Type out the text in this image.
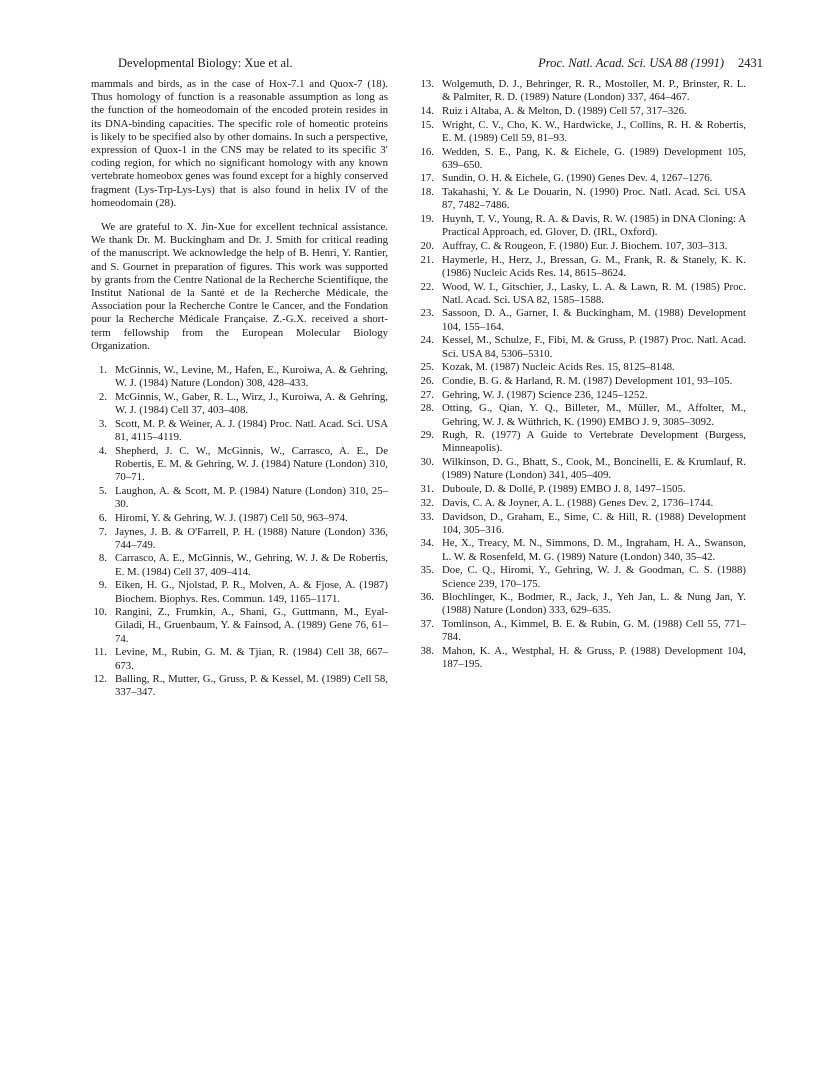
Developmental Biology: Xue et al.	Proc. Natl. Acad. Sci. USA 88 (1991) 2431

mammals and birds, as in the case of Hox-7.1 and Quox-7 (18). Thus homology of function is a reasonable assumption as long as the function of the homeodomain of the encoded protein resides in its DNA-binding capacities. The specific role of homeotic proteins is likely to be specified also by other domains. In such a perspective, expression of Quox-1 in the CNS may be related to its specific 3′ coding region, for which no significant homology with any known vertebrate homeobox genes was found except for a highly conserved fragment (Lys-Trp-Lys-Lys) that is also found in helix IV of the homeodomain (28).

We are grateful to X. Jin-Xue for excellent technical assistance. We thank Dr. M. Buckingham and Dr. J. Smith for critical reading of the manuscript. We acknowledge the help of B. Henri, Y. Rantier, and S. Gournet in preparation of figures. This work was supported by grants from the Centre National de la Recherche Scientifique, the Institut National de la Santé et de la Recherche Médicale, the Association pour la Recherche Contre le Cancer, and the Fondation pour la Recherche Médicale Française. Z.-G.X. received a short-term fellowship from the European Molecular Biology Organization.

1. McGinnis, W., Levine, M., Hafen, E., Kuroiwa, A. & Gehring, W. J. (1984) Nature (London) 308, 428–433.
2. McGinnis, W., Gaber, R. L., Wirz, J., Kuroiwa, A. & Gehring, W. J. (1984) Cell 37, 403–408.
3. Scott, M. P. & Weiner, A. J. (1984) Proc. Natl. Acad. Sci. USA 81, 4115–4119.
4. Shepherd, J. C. W., McGinnis, W., Carrasco, A. E., De Robertis, E. M. & Gehring, W. J. (1984) Nature (London) 310, 70–71.
5. Laughon, A. & Scott, M. P. (1984) Nature (London) 310, 25–30.
6. Hiromi, Y. & Gehring, W. J. (1987) Cell 50, 963–974.
7. Jaynes, J. B. & O'Farrell, P. H. (1988) Nature (London) 336, 744–749.
8. Carrasco, A. E., McGinnis, W., Gehring, W. J. & De Robertis, E. M. (1984) Cell 37, 409–414.
9. Eiken, H. G., Njolstad, P. R., Molven, A. & Fjose, A. (1987) Biochem. Biophys. Res. Commun. 149, 1165–1171.
10. Rangini, Z., Frumkin, A., Shani, G., Guttmann, M., Eyal-Giladi, H., Gruenbaum, Y. & Fainsod, A. (1989) Gene 76, 61–74.
11. Levine, M., Rubin, G. M. & Tjian, R. (1984) Cell 38, 667–673.
12. Balling, R., Mutter, G., Gruss, P. & Kessel, M. (1989) Cell 58, 337–347.
13. Wolgemuth, D. J., Behringer, R. R., Mostoller, M. P., Brinster, R. L. & Palmiter, R. D. (1989) Nature (London) 337, 464–467.
14. Ruiz i Altaba, A. & Melton, D. (1989) Cell 57, 317–326.
15. Wright, C. V., Cho, K. W., Hardwicke, J., Collins, R. H. & Robertis, E. M. (1989) Cell 59, 81–93.
16. Wedden, S. E., Pang, K. & Eichele, G. (1989) Development 105, 639–650.
17. Sundin, O. H. & Eichele, G. (1990) Genes Dev. 4, 1267–1276.
18. Takahashi, Y. & Le Douarin, N. (1990) Proc. Natl. Acad. Sci. USA 87, 7482–7486.
19. Huynh, T. V., Young, R. A. & Davis, R. W. (1985) in DNA Cloning: A Practical Approach, ed. Glover, D. (IRL, Oxford).
20. Auffray, C. & Rougeon, F. (1980) Eur. J. Biochem. 107, 303–313.
21. Haymerle, H., Herz, J., Bressan, G. M., Frank, R. & Stanely, K. K. (1986) Nucleic Acids Res. 14, 8615–8624.
22. Wood, W. I., Gitschier, J., Lasky, L. A. & Lawn, R. M. (1985) Proc. Natl. Acad. Sci. USA 82, 1585–1588.
23. Sassoon, D. A., Garner, I. & Buckingham, M. (1988) Development 104, 155–164.
24. Kessel, M., Schulze, F., Fibi, M. & Gruss, P. (1987) Proc. Natl. Acad. Sci. USA 84, 5306–5310.
25. Kozak, M. (1987) Nucleic Acids Res. 15, 8125–8148.
26. Condie, B. G. & Harland, R. M. (1987) Development 101, 93–105.
27. Gehring, W. J. (1987) Science 236, 1245–1252.
28. Otting, G., Qian, Y. Q., Billeter, M., Müller, M., Affolter, M., Gehring, W. J. & Wüthrich, K. (1990) EMBO J. 9, 3085–3092.
29. Rugh, R. (1977) A Guide to Vertebrate Development (Burgess, Minneapolis).
30. Wilkinson, D. G., Bhatt, S., Cook, M., Boncinelli, E. & Krumlauf, R. (1989) Nature (London) 341, 405–409.
31. Duboule, D. & Dollé, P. (1989) EMBO J. 8, 1497–1505.
32. Davis, C. A. & Joyner, A. L. (1988) Genes Dev. 2, 1736–1744.
33. Davidson, D., Graham, E., Sime, C. & Hill, R. (1988) Development 104, 305–316.
34. He, X., Treacy, M. N., Simmons, D. M., Ingraham, H. A., Swanson, L. W. & Rosenfeld, M. G. (1989) Nature (London) 340, 35–42.
35. Doe, C. Q., Hiromi, Y., Gehring, W. J. & Goodman, C. S. (1988) Science 239, 170–175.
36. Blochlinger, K., Bodmer, R., Jack, J., Yeh Jan, L. & Nung Jan, Y. (1988) Nature (London) 333, 629–635.
37. Tomlinson, A., Kimmel, B. E. & Rubin, G. M. (1988) Cell 55, 771–784.
38. Mahon, K. A., Westphal, H. & Gruss, P. (1988) Development 104, 187–195.
